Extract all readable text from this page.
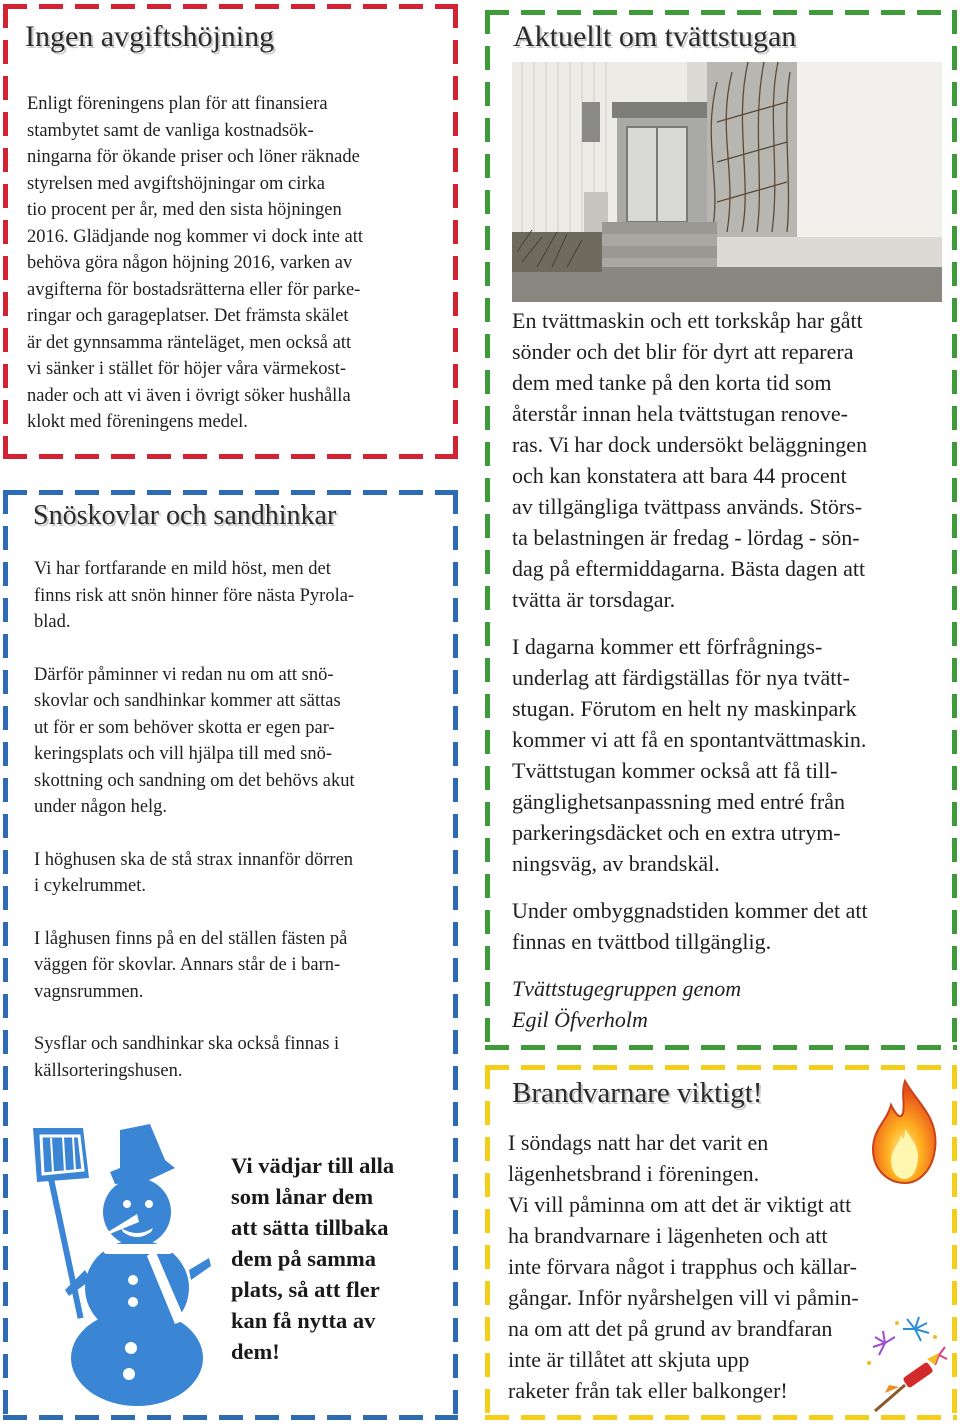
Ingen avgiftshöjning
Enligt föreningens plan för att finansiera
stambytet samt de vanliga kostnadsök-
ningarna för ökande priser och löner räknade
styrelsen med avgiftshöjningar om cirka
tio procent per år, med den sista höjningen
2016. Glädjande nog kommer vi dock inte att
behöva göra någon höjning 2016, varken av
avgifterna för bostadsrätterna eller för parke-
ringar och garageplatser. Det främsta skälet
är det gynnsamma ränteläget, men också att
vi sänker i stället för höjer våra värmekost-
nader och att vi även i övrigt söker hushålla
klokt med föreningens medel.
Snöskovlar och sandhinkar
Vi har fortfarande en mild höst, men det
finns risk att snön hinner före nästa Pyrola-
blad.
Därför påminner vi redan nu om att snö-
skovlar och sandhinkar kommer att sättas
ut för er som behöver skotta er egen par-
keringsplats och vill hjälpa till med snö-
skottning och sandning om det behövs akut
under någon helg.
I höghusen ska de stå strax innanför dörren
i cykelrummet.
I låghusen finns på en del ställen fästen på
väggen för skovlar. Annars står de i barn-
vagnsrummen.
Sysflar och sandhinkar ska också finnas i
källsorteringshusen.
Vi vädjar till alla
som lånar dem
att sätta tillbaka
dem på samma
plats, så att fler
kan få nytta av
dem!
Aktuellt om tvättstugan
En tvättmaskin och ett torkskåp har gått
sönder och det blir för dyrt att reparera
dem med tanke på den korta tid som
återstår innan hela tvättstugan renove-
ras. Vi har dock undersökt beläggningen
och kan konstatera att bara 44 procent
av tillgängliga tvättpass används. Störs-
ta belastningen är fredag - lördag - sön-
dag på eftermiddagarna. Bästa dagen att
tvätta är torsdagar.
I dagarna kommer ett förfrågnings-
underlag att färdigställas för nya tvätt-
stugan. Förutom en helt ny maskinpark
kommer vi att få en spontantvättmaskin.
Tvättstugan kommer också att få till-
gänglighetsanpassning med entré från
parkeringsdäcket och en extra utrym-
ningsväg, av brandskäl.
Under ombyggnadstiden kommer det att
finnas en tvättbod tillgänglig.
Tvättstugegruppen genom
Egil Öfverholm
Brandvarnare viktigt!
I söndags natt har det varit en
lägenhetsbrand i föreningen.
Vi vill påminna om att det är viktigt att
ha brandvarnare i lägenheten och att
inte förvara något i trapphus och källar-
gångar. Inför nyårshelgen vill vi påmin-
na om att det på grund av brandfaran
inte är tillåtet att skjuta upp
raketer från tak eller balkonger!
